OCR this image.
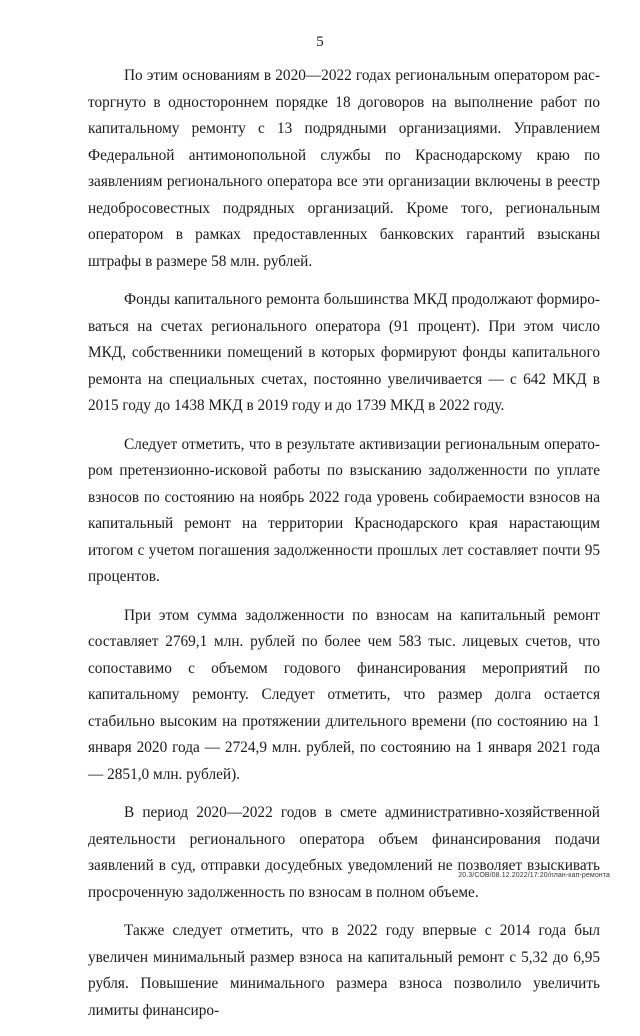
5

По этим основаниям в 2020—2022 годах региональным оператором расторгнуто в одностороннем порядке 18 договоров на выполнение работ по капитальному ремонту с 13 подрядными организациями. Управлением Федеральной антимонопольной службы по Краснодарскому краю по заявлениям регионального оператора все эти организации включены в реестр недобросовестных подрядных организаций. Кроме того, региональным оператором в рамках предоставленных банковских гарантий взысканы штрафы в размере 58 млн. рублей.

Фонды капитального ремонта большинства МКД продолжают формироваться на счетах регионального оператора (91 процент). При этом число МКД, собственники помещений в которых формируют фонды капитального ремонта на специальных счетах, постоянно увеличивается — с 642 МКД в 2015 году до 1438 МКД в 2019 году и до 1739 МКД в 2022 году.

Следует отметить, что в результате активизации региональным оператором претензионно-исковой работы по взысканию задолженности по уплате взносов по состоянию на ноябрь 2022 года уровень собираемости взносов на капитальный ремонт на территории Краснодарского края нарастающим итогом с учетом погашения задолженности прошлых лет составляет почти 95 процентов.

При этом сумма задолженности по взносам на капитальный ремонт составляет 2769,1 млн. рублей по более чем 583 тыс. лицевых счетов, что сопоставимо с объемом годового финансирования мероприятий по капитальному ремонту. Следует отметить, что размер долга остается стабильно высоким на протяжении длительного времени (по состоянию на 1 января 2020 года — 2724,9 млн. рублей, по состоянию на 1 января 2021 года — 2851,0 млн. рублей).

В период 2020—2022 годов в смете административно-хозяйственной деятельности регионального оператора объем финансирования подачи заявлений в суд, отправки досудебных уведомлений не позволяет взыскивать просроченную задолженность по взносам в полном объеме.

Также следует отметить, что в 2022 году впервые с 2014 года был увеличен минимальный размер взноса на капитальный ремонт с 5,32 до 6,95 рубля. Повышение минимального размера взноса позволило увеличить лимиты финансиро-

20.3/СОВ/08.12.2022/17:20/план-кап-ремонта
